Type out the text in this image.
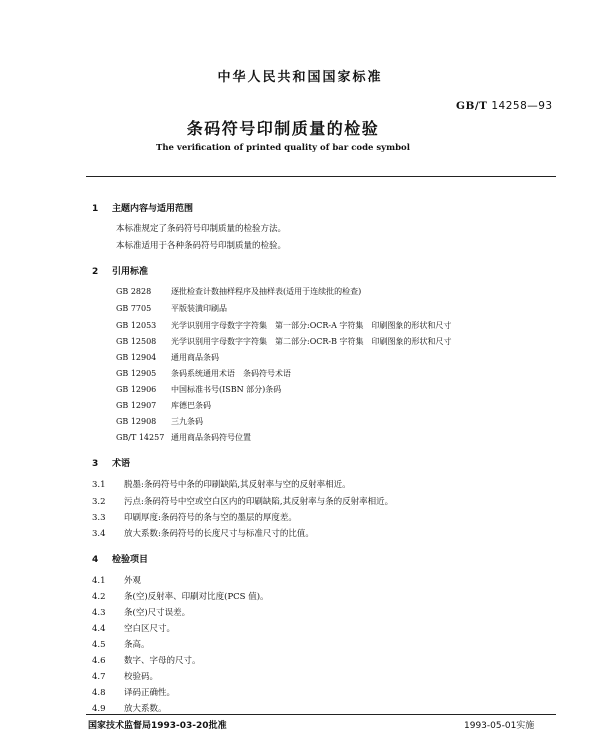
中华人民共和国国家标准
GB/T 14258—93
条码符号印制质量的检验
The verification of printed quality of bar code symbol
1 主题内容与适用范围
本标准规定了条码符号印制质量的检验方法。
本标准适用于各种条码符号印制质量的检验。
2 引用标准
GB 2828 逐批检查计数抽样程序及抽样表(适用于连续批的检查)
GB 7705 平版装潢印刷品
GB 12053 光学识别用字母数字字符集　第一部分:OCR-A 字符集　印刷图象的形状和尺寸
GB 12508 光学识别用字母数字字符集　第二部分:OCR-B 字符集　印刷图象的形状和尺寸
GB 12904 通用商品条码
GB 12905 条码系统通用术语　条码符号术语
GB 12906 中国标准书号(ISBN 部分)条码
GB 12907 库德巴条码
GB 12908 三九条码
GB/T 14257 通用商品条码符号位置
3 术语
3.1 脱墨:条码符号中条的印刷缺陷,其反射率与空的反射率相近。
3.2 污点:条码符号中空或空白区内的印刷缺陷,其反射率与条的反射率相近。
3.3 印刷厚度:条码符号的条与空的墨层的厚度差。
3.4 放大系数:条码符号的长度尺寸与标准尺寸的比值。
4 检验项目
4.1 外观
4.2 条(空)反射率、印刷对比度(PCS 值)。
4.3 条(空)尺寸误差。
4.4 空白区尺寸。
4.5 条高。
4.6 数字、字母的尺寸。
4.7 校验码。
4.8 译码正确性。
4.9 放大系数。
国家技术监督局1993-03-20批准	1993-05-01实施
